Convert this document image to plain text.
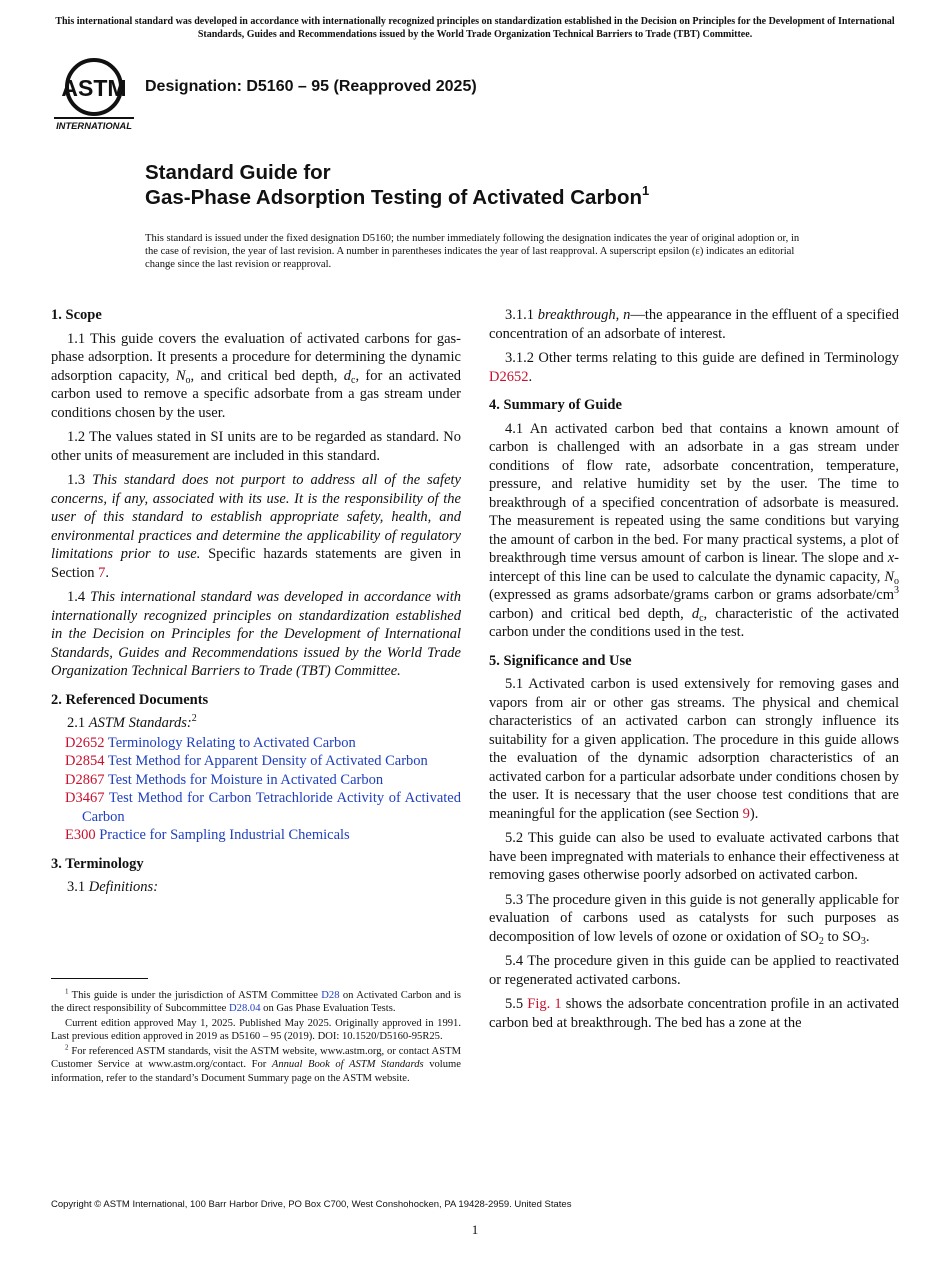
This international standard was developed in accordance with internationally recognized principles on standardization established in the Decision on Principles for the Development of International Standards, Guides and Recommendations issued by the World Trade Organization Technical Barriers to Trade (TBT) Committee.
ASTM
INTERNATIONAL
Designation: D5160 – 95 (Reapproved 2025)
Standard Guide for
Gas-Phase Adsorption Testing of Activated Carbon$^1$
This standard is issued under the fixed designation D5160; the number immediately following the designation indicates the year of original adoption or, in the case of revision, the year of last revision. A number in parentheses indicates the year of last reapproval. A superscript epsilon (ε) indicates an editorial change since the last revision or reapproval.
1. Scope

1.1 This guide covers the evaluation of activated carbons for gas-phase adsorption. It presents a procedure for determining the dynamic adsorption capacity, $N_o$, and critical bed depth, $d_c$, for an activated carbon used to remove a specific adsorbate from a gas stream under conditions chosen by the user.

1.2 The values stated in SI units are to be regarded as standard. No other units of measurement are included in this standard.

1.3 This standard does not purport to address all of the safety concerns, if any, associated with its use. It is the responsibility of the user of this standard to establish appropriate safety, health, and environmental practices and determine the applicability of regulatory limitations prior to use. Specific hazards statements are given in Section 7.

1.4 This international standard was developed in accordance with internationally recognized principles on standardization established in the Decision on Principles for the Development of International Standards, Guides and Recommendations issued by the World Trade Organization Technical Barriers to Trade (TBT) Committee.

2. Referenced Documents

2.1 ASTM Standards:$^2$

D2652 Terminology Relating to Activated Carbon
D2854 Test Method for Apparent Density of Activated Carbon
D2867 Test Methods for Moisture in Activated Carbon
D3467 Test Method for Carbon Tetrachloride Activity of Activated Carbon
E300 Practice for Sampling Industrial Chemicals
3. Terminology

3.1 Definitions:

$^1$ This guide is under the jurisdiction of ASTM Committee D28 on Activated Carbon and is the direct responsibility of Subcommittee D28.04 on Gas Phase Evaluation Tests.

Current edition approved May 1, 2025. Published May 2025. Originally approved in 1991. Last previous edition approved in 2019 as D5160 – 95 (2019). DOI: 10.1520/D5160-95R25.

$^2$ For referenced ASTM standards, visit the ASTM website, www.astm.org, or contact ASTM Customer Service at www.astm.org/contact. For Annual Book of ASTM Standards volume information, refer to the standard’s Document Summary page on the ASTM website.

3.1.1 breakthrough, n—the appearance in the effluent of a specified concentration of an adsorbate of interest.

3.1.2 Other terms relating to this guide are defined in Terminology D2652.

4. Summary of Guide

4.1 An activated carbon bed that contains a known amount of carbon is challenged with an adsorbate in a gas stream under conditions of flow rate, adsorbate concentration, temperature, pressure, and relative humidity set by the user. The time to breakthrough of a specified concentration of adsorbate is measured. The measurement is repeated using the same conditions but varying the amount of carbon in the bed. For many practical systems, a plot of breakthrough time versus amount of carbon is linear. The slope and x-intercept of this line can be used to calculate the dynamic capacity, $N_o$ (expressed as grams adsorbate/grams carbon or grams adsorbate/$cm^3$ carbon) and critical bed depth, $d_c$, characteristic of the activated carbon under the conditions used in the test.

5. Significance and Use

5.1 Activated carbon is used extensively for removing gases and vapors from air or other gas streams. The physical and chemical characteristics of an activated carbon can strongly influence its suitability for a given application. The procedure in this guide allows the evaluation of the dynamic adsorption characteristics of an activated carbon for a particular adsorbate under conditions chosen by the user. It is necessary that the user choose test conditions that are meaningful for the application (see Section 9).

5.2 This guide can also be used to evaluate activated carbons that have been impregnated with materials to enhance their effectiveness at removing gases otherwise poorly adsorbed on activated carbon.

5.3 The procedure given in this guide is not generally applicable for evaluation of carbons used as catalysts for such purposes as decomposition of low levels of ozone or oxidation of $SO_2$ to $SO_3$.

5.4 The procedure given in this guide can be applied to reactivated or regenerated activated carbons.

5.5 Fig. 1 shows the adsorbate concentration profile in an activated carbon bed at breakthrough. The bed has a zone at the

Copyright © ASTM International, 100 Barr Harbor Drive, PO Box C700, West Conshohocken, PA 19428-2959. United States
1
